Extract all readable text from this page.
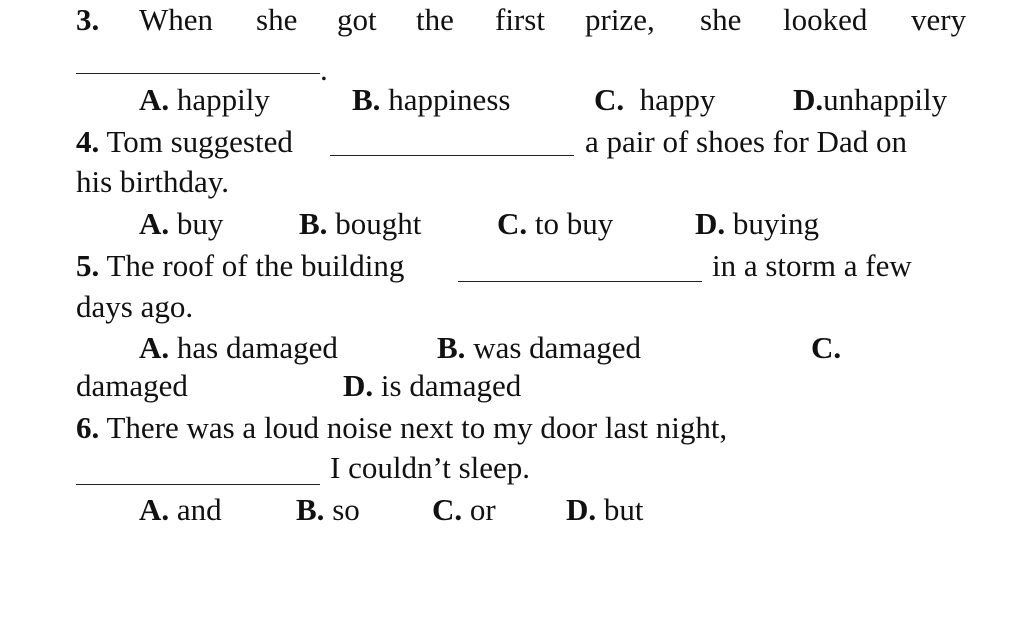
3. When she got the first prize, she looked very
.
A. happily	B. happiness	C.  happy	D.unhappily
4. Tom suggested	a pair of shoes for Dad on
his birthday.
A. buy B. bought C. to buy	D. buying
5. The roof of the building	in a storm a few
days ago.
A. has damaged	B. was damaged	C.
damaged	D. is damaged
6. There was a loud noise next to my door last night,
I couldn’t sleep.
A. and B. so C. or D. but
